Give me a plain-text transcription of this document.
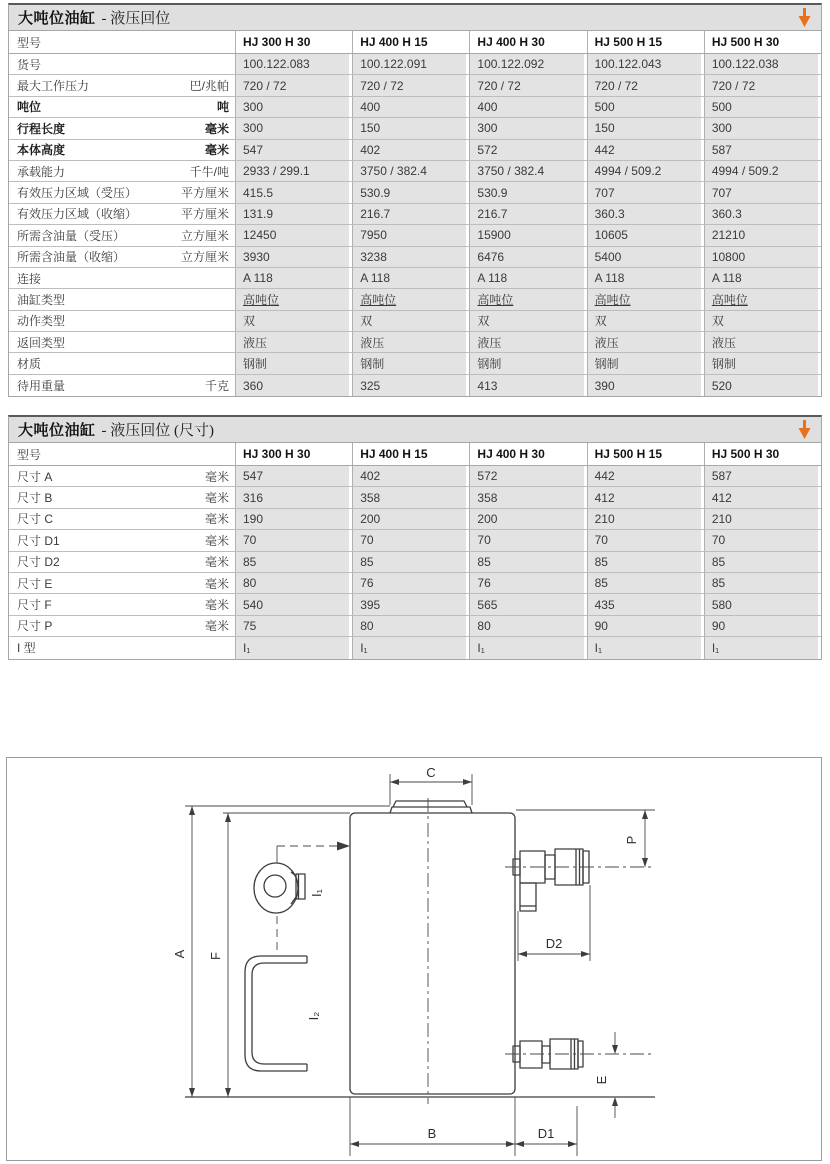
大吨位油缸 - 液压回位
型号	HJ 300 H 30	HJ 400 H 15	HJ 400 H 30	HJ 500 H 15	HJ 500 H 30
货号	100.122.083	100.122.091	100.122.092	100.122.043	100.122.038
最大工作压力	巴/兆帕 720 / 72	720 / 72	720 / 72	720 / 72	720 / 72
吨位	吨 300	400	400	500	500
行程长度	毫米 300	150	300	150	300
本体高度	毫米 547	402	572	442	587
承载能力	千牛/吨 2933 / 299.1	3750 / 382.4	3750 / 382.4	4994 / 509.2	4994 / 509.2
有效压力区域（受压）	平方厘米 415.5	530.9	530.9	707	707
有效压力区域（收缩）	平方厘米 131.9	216.7	216.7	360.3	360.3
所需含油量（受压）	立方厘米 12450	7950	15900	10605	21210
所需含油量（收缩）	立方厘米 3930	3238	6476	5400	10800
连接	A 118	A 118	A 118	A 118	A 118
油缸类型	高吨位	高吨位	高吨位	高吨位	高吨位
动作类型	双	双	双	双	双
返回类型	液压	液压	液压	液压	液压
材质	钢制	钢制	钢制	钢制	钢制
待用重量	千克 360	325	413	390	520
大吨位油缸 - 液压回位 (尺寸)
型号	HJ 300 H 30	HJ 400 H 15	HJ 400 H 30	HJ 500 H 15	HJ 500 H 30
尺寸 A	毫米 547	402	572	442	587
尺寸 B	毫米 316	358	358	412	412
尺寸 C	毫米 190	200	200	210	210
尺寸 D1	毫米 70	70	70	70	70
尺寸 D2	毫米 85	85	85	85	85
尺寸 E	毫米 80	76	76	85	85
尺寸 F	毫米 540	395	565	435	580
尺寸 P	毫米 75	80	80	90	90
I 型	I₁	I₁	I₁	I₁	I₁
C
A F
I₁
I₂
P
D2
E
B	D1
